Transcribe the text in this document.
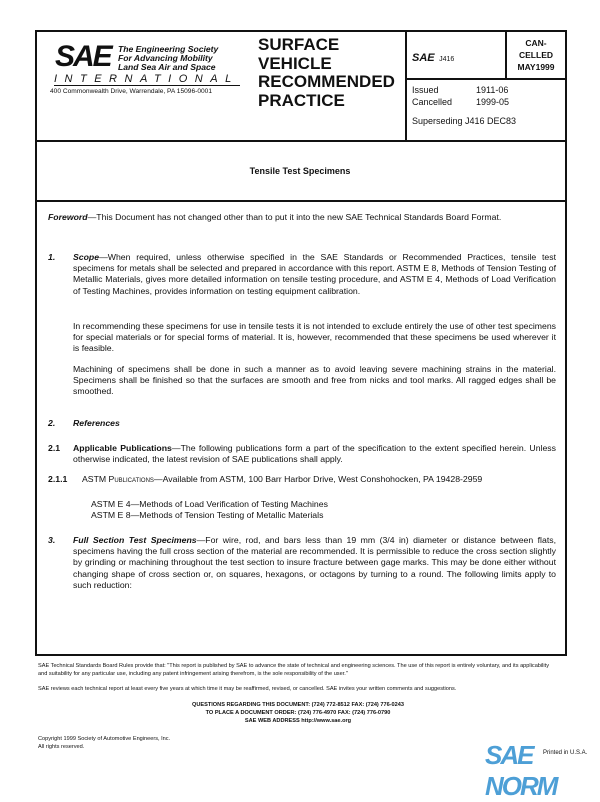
SAE The Engineering Society
For Advancing Mobility
Land Sea Air and Space
INTERNATIONAL
400 Commonwealth Drive, Warrendale, PA 15096-0001
SURFACE
VEHICLE
RECOMMENDED
PRACTICE
SAE J416
CAN-
CELLED
MAY1999
Issued	1911-06
Cancelled	1999-05
Superseding J416 DEC83
Tensile Test Specimens
Foreword—This Document has not changed other than to put it into the new SAE Technical Standards Board Format.
1. Scope—When required, unless otherwise specified in the SAE Standards or Recommended Practices, tensile test specimens for metals shall be selected and prepared in accordance with this report. ASTM E 8, Methods of Tension Testing of Metallic Materials, gives more detailed information on tensile testing procedure, and ASTM E 4, Methods of Load Verification of Testing Machines, provides information on testing equipment calibration.
In recommending these specimens for use in tensile tests it is not intended to exclude entirely the use of other test specimens for special materials or for special forms of material. It is, however, recommended that these specimens be used wherever it is feasible.
Machining of specimens shall be done in such a manner as to avoid leaving severe machining strains in the material. Specimens shall be finished so that the surfaces are smooth and free from nicks and tool marks. All ragged edges shall be smoothed.
2. References
2.1 Applicable Publications—The following publications form a part of the specification to the extent specified herein. Unless otherwise indicated, the latest revision of SAE publications shall apply.
2.1.1 ASTM Publications—Available from ASTM, 100 Barr Harbor Drive, West Conshohocken, PA 19428-2959
ASTM E 4—Methods of Load Verification of Testing Machines
ASTM E 8—Methods of Tension Testing of Metallic Materials
3. Full Section Test Specimens—For wire, rod, and bars less than 19 mm (3/4 in) diameter or distance between flats, specimens having the full cross section of the material are recommended. It is permissible to reduce the cross section slightly by grinding or machining throughout the test section to insure fracture between gage marks. This may be done either without changing shape of cross section or, on squares, hexagons, or octagons by turning to a round. The following limits apply to such reduction:
SAE Technical Standards Board Rules provide that: "This report is published by SAE to advance the state of technical and engineering sciences. The use of this report is entirely voluntary, and its applicability and suitability for any particular use, including any patent infringement arising therefrom, is the sole responsibility of the user."
SAE reviews each technical report at least every five years at which time it may be reaffirmed, revised, or cancelled. SAE invites your written comments and suggestions.
QUESTIONS REGARDING THIS DOCUMENT: (724) 772-8512 FAX: (724) 776-0243
TO PLACE A DOCUMENT ORDER: (724) 776-4970 FAX: (724) 776-0790
SAE WEB ADDRESS http://www.sae.org
Copyright 1999 Society of Automotive Engineers, Inc.
All rights reserved.	SAE NORM
Printed in U.S.A.
